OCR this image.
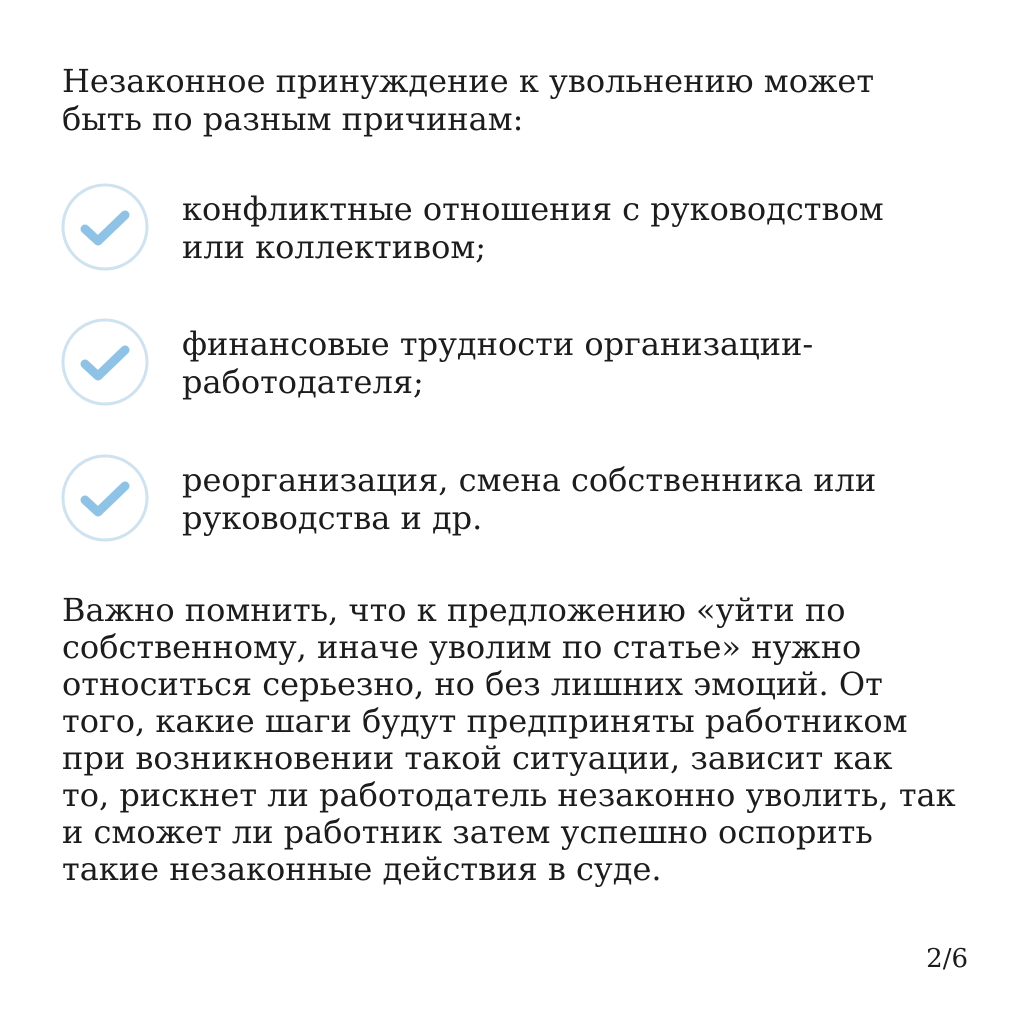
Незаконное принуждение к увольнению может
быть по разным причинам:

конфликтные отношения с руководством
или коллективом;
финансовые трудности организации-
работодателя;
реорганизация, смена собственника или
руководства и др.

Важно помнить, что к предложению «уйти по
собственному, иначе уволим по статье» нужно
относиться серьезно, но без лишних эмоций. От
того, какие шаги будут предприняты работником
при возникновении такой ситуации, зависит как
то, рискнет ли работодатель незаконно уволить, так
и сможет ли работник затем успешно оспорить
такие незаконные действия в суде.

2/6
